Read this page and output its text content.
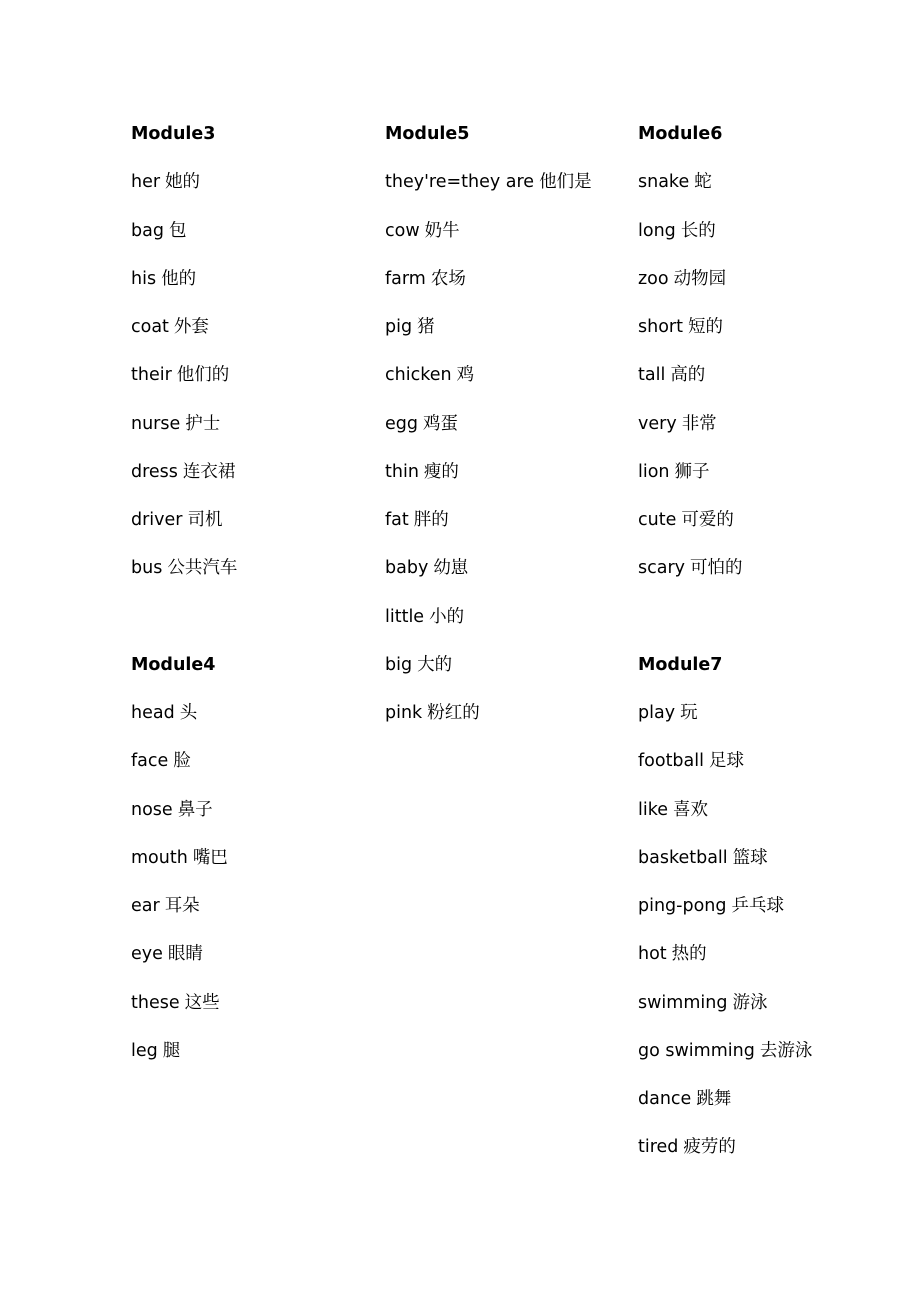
Module3
her 她的
bag 包
his 他的
coat 外套
their 他们的
nurse 护士
dress 连衣裙
driver 司机
bus 公共汽车
Module4
head 头
face 脸
nose 鼻子
mouth 嘴巴
ear 耳朵
eye 眼睛
these 这些
leg 腿
Module5
they're=they are 他们是
cow 奶牛
farm 农场
pig 猪
chicken 鸡
egg 鸡蛋
thin 瘦的
fat 胖的
baby 幼崽
little 小的
big 大的
pink 粉红的
Module6
snake 蛇
long 长的
zoo 动物园
short 短的
tall 高的
very 非常
lion 狮子
cute 可爱的
scary 可怕的
Module7
play 玩
football 足球
like 喜欢
basketball 篮球
ping-pong 乒乓球
hot 热的
swimming 游泳
go swimming 去游泳
dance 跳舞
tired 疲劳的
